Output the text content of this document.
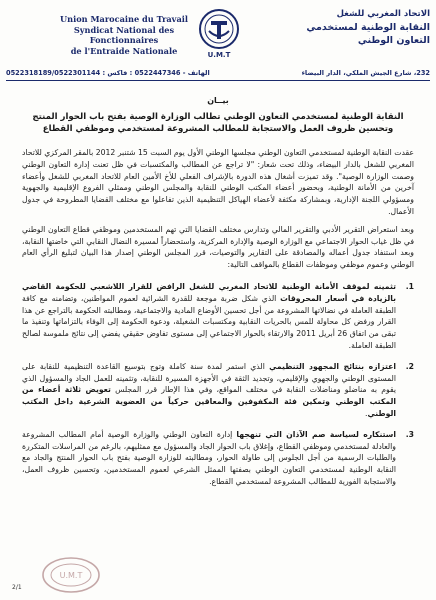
Union Marocaine du Travail
Syndicat National des Fonctionnaires
de l'Entraide Nationale	U.M.T
الاتحاد المغربي للشغل
النقابة الوطنية لمستخدمي
التعاون الوطني
0522318189/0522301144 : الهاتف - 0522447346 : فاكس	232، شارع الجيش الملكي، الدار البيضاء
بيــان
النقابة الوطنية لمستخدمي التعاون الوطني تطالب الوزارة الوصية بفتح باب الحوار المنتج وتحسين ظروف العمل والاستجابة للمطالب المشروعة لمستخدمي وموظفي القطاع
عقدت النقابة الوطنية لمستخدمي التعاون الوطني مجلسها الوطني الأول يوم السبت 15 شتنبر 2012 بالمقر المركزي للاتحاد المغربي للشغل بالدار البيضاء، وذلك تحت شعار: "لا تراجع عن المطالب والمكتسبات في ظل تعنت إدارة التعاون الوطني وصمت الوزارة الوصية". وقد تميزت أشغال هذه الدورة بالإشراف الفعلي للأخ الأمين العام للاتحاد المغربي للشغل وأعضاء آخرين من الأمانة الوطنية، وبحضور أعضاء المكتب الوطني للنقابة والمجلس الوطني وممثلي الفروع الإقليمية والجهوية ومسؤولي اللجنة الإدارية، وبمشاركة مكثفة لأعضاء الهياكل التنظيمية الذين تفاعلوا مع مختلف القضايا المطروحة في جدول الأعمال.
وبعد استعراض التقرير الأدبي والتقرير المالي وتدارس مختلف القضايا التي تهم المستخدمين وموظفي قطاع التعاون الوطني في ظل غياب الحوار الاجتماعي مع الوزارة الوصية والإدارة المركزية، واستحضاراً لمسيرة النضال النقابي التي خاضتها النقابة، وبعد استنفاد جدول أعماله والمصادقة على التقارير والتوصيات، قرر المجلس الوطني إصدار هذا البيان لتبليغ الرأي العام الوطني وعموم موظفي وموظفات القطاع بالمواقف التالية:
1.
تثمينه لموقف الأمانة الوطنية للاتحاد المغربي للشغل الرافض للقرار اللاشعبي للحكومة القاضي بالزيادة في أسعار المحروقات الذي شكل ضربة موجعة للقدرة الشرائية لعموم المواطنين، وتضامنه مع كافة الطبقة العاملة في نضالاتها المشروعة من أجل تحسين الأوضاع المادية والاجتماعية، ومطالبته الحكومة بالتراجع عن هذا القرار ورفض كل محاولة للمس بالحريات النقابية ومكتسبات الشغيلة، ودعوة الحكومة إلى الوفاء بالتزاماتها وتنفيذ ما تبقى من اتفاق 26 أبريل 2011 والارتقاء بالحوار الاجتماعي إلى مستوى تفاوض حقيقي يفضي إلى نتائج ملموسة لصالح الطبقة العاملة.
2.
اعتزازه بنتائج المجهود التنظيمي الذي استمر لمدة سنة كاملة وتوج بتوسيع القاعدة التنظيمية للنقابة على المستوى الوطني والجهوي والإقليمي، وتجديد الثقة في الأجهزة المسيرة للنقابة، وتثمينه للعمل الجاد والمسؤول الذي يقوم به مناضلو ومناضلات النقابة في مختلف المواقع، وفي هذا الإطار قرر المجلس تعويض ثلاثة أعضاء من المكتب الوطني وتمكين فئة المكفوفين والمعاقين حركياً من العضوية الشرعية داخل المكتب الوطني.
3.
استنكاره لسياسة صم الآذان التي تنهجها إدارة التعاون الوطني والوزارة الوصية أمام المطالب المشروعة والعادلة لمستخدمي وموظفي القطاع، وإغلاق باب الحوار الجاد والمسؤول مع ممثليهم، بالرغم من المراسلات المتكررة والطلبات الرسمية من أجل الجلوس إلى طاولة الحوار، ومطالبته للوزارة الوصية بفتح باب الحوار المنتج والجاد مع النقابة الوطنية لمستخدمي التعاون الوطني بصفتها الممثل الشرعي لعموم المستخدمين، وتحسين ظروف العمل، والاستجابة الفورية للمطالب المشروعة لمستخدمي القطاع.
U.M.T
2/1
